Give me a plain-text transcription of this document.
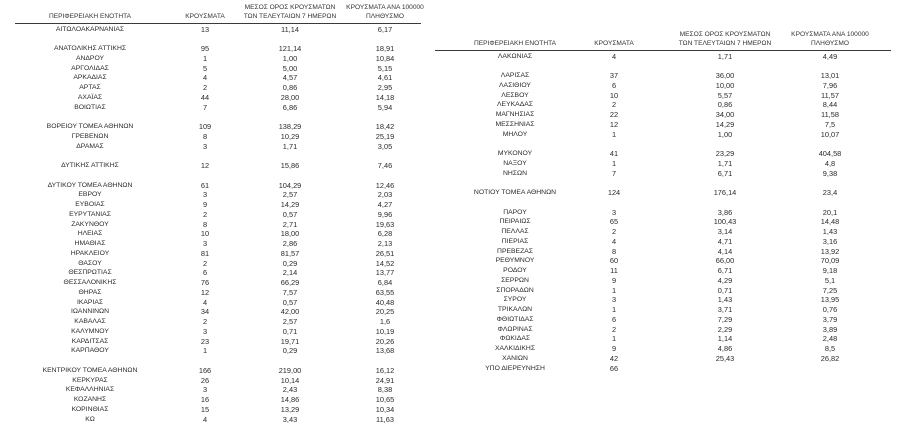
ΠΕΡΙΦΕΡΕΙΑΚΗ ΕΝΟΤΗΤΑ	ΚΡΟΥΣΜΑΤΑ
ΜΕΣΟΣ ΟΡΟΣ ΚΡΟΥΣΜΑΤΩΝ
ΤΩΝ ΤΕΛΕΥΤΑΙΩΝ 7 ΗΜΕΡΩΝ
ΚΡΟΥΣΜΑΤΑ ΑΝΑ 100000
ΠΛΗΘΥΣΜΟ
ΑΙΤΩΛΟΑΚΑΡΝΑΝΙΑΣ	13	11,14	6,17
ΑΝΑΤΟΛΙΚΗΣ ΑΤΤΙΚΗΣ	95	121,14	18,91
ΑΝΔΡΟΥ	1	1,00	10,84
ΑΡΓΟΛΙΔΑΣ	5	5,00	5,15
ΑΡΚΑΔΙΑΣ	4	4,57	4,61
ΑΡΤΑΣ	2	0,86	2,95
ΑΧΑΪΑΣ	44	28,00	14,18
ΒΟΙΩΤΙΑΣ	7	6,86	5,94
ΒΟΡΕΙΟΥ ΤΟΜΕΑ ΑΘΗΝΩΝ	109	138,29	18,42
ΓΡΕΒΕΝΩΝ	8	10,29	25,19
ΔΡΑΜΑΣ	3	1,71	3,05
ΔΥΤΙΚΗΣ ΑΤΤΙΚΗΣ	12	15,86	7,46
ΔΥΤΙΚΟΥ ΤΟΜΕΑ ΑΘΗΝΩΝ	61	104,29	12,46
ΕΒΡΟΥ	3	2,57	2,03
ΕΥΒΟΙΑΣ	9	14,29	4,27
ΕΥΡΥΤΑΝΙΑΣ	2	0,57	9,96
ΖΑΚΥΝΘΟΥ	8	2,71	19,63
ΗΛΕΙΑΣ	10	18,00	6,28
ΗΜΑΘΙΑΣ	3	2,86	2,13
ΗΡΑΚΛΕΙΟΥ	81	81,57	26,51
ΘΑΣΟΥ	2	0,29	14,52
ΘΕΣΠΡΩΤΙΑΣ	6	2,14	13,77
ΘΕΣΣΑΛΟΝΙΚΗΣ	76	66,29	6,84
ΘΗΡΑΣ	12	7,57	63,55
ΙΚΑΡΙΑΣ	4	0,57	40,48
ΙΩΑΝΝΙΝΩΝ	34	42,00	20,25
ΚΑΒΑΛΑΣ	2	2,57	1,6
ΚΑΛΥΜΝΟΥ	3	0,71	10,19
ΚΑΡΔΙΤΣΑΣ	23	19,71	20,26
ΚΑΡΠΑΘΟΥ	1	0,29	13,68
ΚΕΝΤΡΙΚΟΥ ΤΟΜΕΑ ΑΘΗΝΩΝ	166	219,00	16,12
ΚΕΡΚΥΡΑΣ	26	10,14	24,91
ΚΕΦΑΛΛΗΝΙΑΣ	3	2,43	8,38
ΚΟΖΑΝΗΣ	16	14,86	10,65
ΚΟΡΙΝΘΙΑΣ	15	13,29	10,34
ΚΩ	4	3,43	11,63
ΠΕΡΙΦΕΡΕΙΑΚΗ ΕΝΟΤΗΤΑ	ΚΡΟΥΣΜΑΤΑ
ΜΕΣΟΣ ΟΡΟΣ ΚΡΟΥΣΜΑΤΩΝ
ΤΩΝ ΤΕΛΕΥΤΑΙΩΝ 7 ΗΜΕΡΩΝ
ΚΡΟΥΣΜΑΤΑ ΑΝΑ 100000
ΠΛΗΘΥΣΜΟ
ΛΑΚΩΝΙΑΣ	4	1,71	4,49
ΛΑΡΙΣΑΣ	37	36,00	13,01
ΛΑΣΙΘΙΟΥ	6	10,00	7,96
ΛΕΣΒΟΥ	10	5,57	11,57
ΛΕΥΚΑΔΑΣ	2	0,86	8,44
ΜΑΓΝΗΣΙΑΣ	22	34,00	11,58
ΜΕΣΣΗΝΙΑΣ	12	14,29	7,5
ΜΗΛΟΥ	1	1,00	10,07
ΜΥΚΟΝΟΥ	41	23,29	404,58
ΝΑΞΟΥ	1	1,71	4,8
ΝΗΣΩΝ	7	6,71	9,38
ΝΟΤΙΟΥ ΤΟΜΕΑ ΑΘΗΝΩΝ	124	176,14	23,4
ΠΑΡΟΥ	3	3,86	20,1
ΠΕΙΡΑΙΩΣ	65	100,43	14,48
ΠΕΛΛΑΣ	2	3,14	1,43
ΠΙΕΡΙΑΣ	4	4,71	3,16
ΠΡΕΒΕΖΑΣ	8	4,14	13,92
ΡΕΘΥΜΝΟΥ	60	66,00	70,09
ΡΟΔΟΥ	11	6,71	9,18
ΣΕΡΡΩΝ	9	4,29	5,1
ΣΠΟΡΑΔΩΝ	1	0,71	7,25
ΣΥΡΟΥ	3	1,43	13,95
ΤΡΙΚΑΛΩΝ	1	3,71	0,76
ΦΘΙΩΤΙΔΑΣ	6	7,29	3,79
ΦΛΩΡΙΝΑΣ	2	2,29	3,89
ΦΩΚΙΔΑΣ	1	1,14	2,48
ΧΑΛΚΙΔΙΚΗΣ	9	4,86	8,5
ΧΑΝΙΩΝ	42	25,43	26,82
ΥΠΟ ΔΙΕΡΕΥΝΗΣΗ	66
